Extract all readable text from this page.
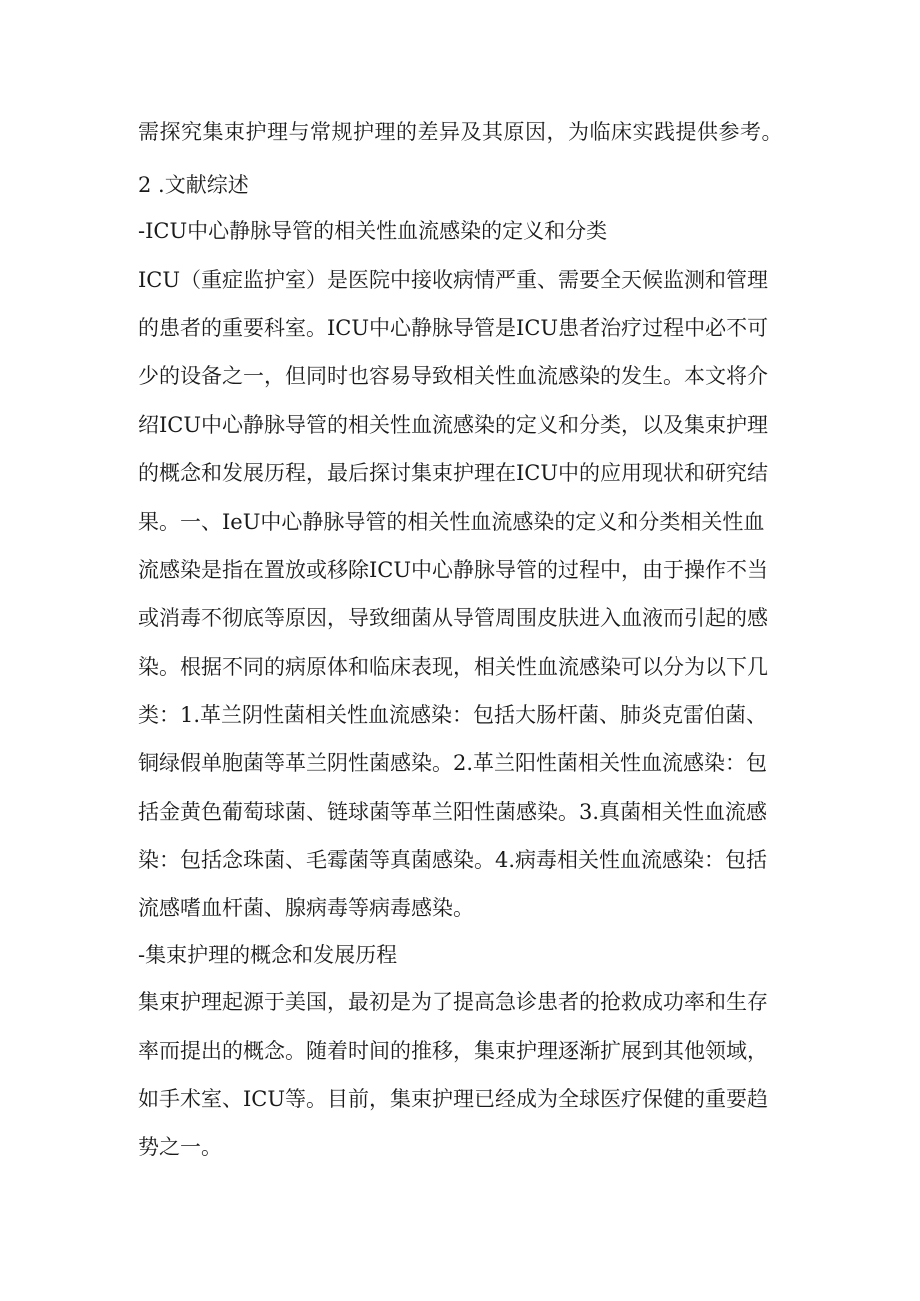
需探究集束护理与常规护理的差异及其原因，为临床实践提供参考。

2 .文献综述

-ICU中心静脉导管的相关性血流感染的定义和分类

ICU（重症监护室）是医院中接收病情严重、需要全天候监测和管理

的患者的重要科室。ICU中心静脉导管是ICU患者治疗过程中必不可

少的设备之一，但同时也容易导致相关性血流感染的发生。本文将介

绍ICU中心静脉导管的相关性血流感染的定义和分类，以及集束护理

的概念和发展历程，最后探讨集束护理在ICU中的应用现状和研究结

果。一、IeU中心静脉导管的相关性血流感染的定义和分类相关性血

流感染是指在置放或移除ICU中心静脉导管的过程中，由于操作不当

或消毒不彻底等原因，导致细菌从导管周围皮肤进入血液而引起的感

染。根据不同的病原体和临床表现，相关性血流感染可以分为以下几

类：1.革兰阴性菌相关性血流感染：包括大肠杆菌、肺炎克雷伯菌、

铜绿假单胞菌等革兰阴性菌感染。2.革兰阳性菌相关性血流感染：包

括金黄色葡萄球菌、链球菌等革兰阳性菌感染。3.真菌相关性血流感

染：包括念珠菌、毛霉菌等真菌感染。4.病毒相关性血流感染：包括

流感嗜血杆菌、腺病毒等病毒感染。

-集束护理的概念和发展历程

集束护理起源于美国，最初是为了提高急诊患者的抢救成功率和生存

率而提出的概念。随着时间的推移，集束护理逐渐扩展到其他领域，

如手术室、ICU等。目前，集束护理已经成为全球医疗保健的重要趋

势之一。
